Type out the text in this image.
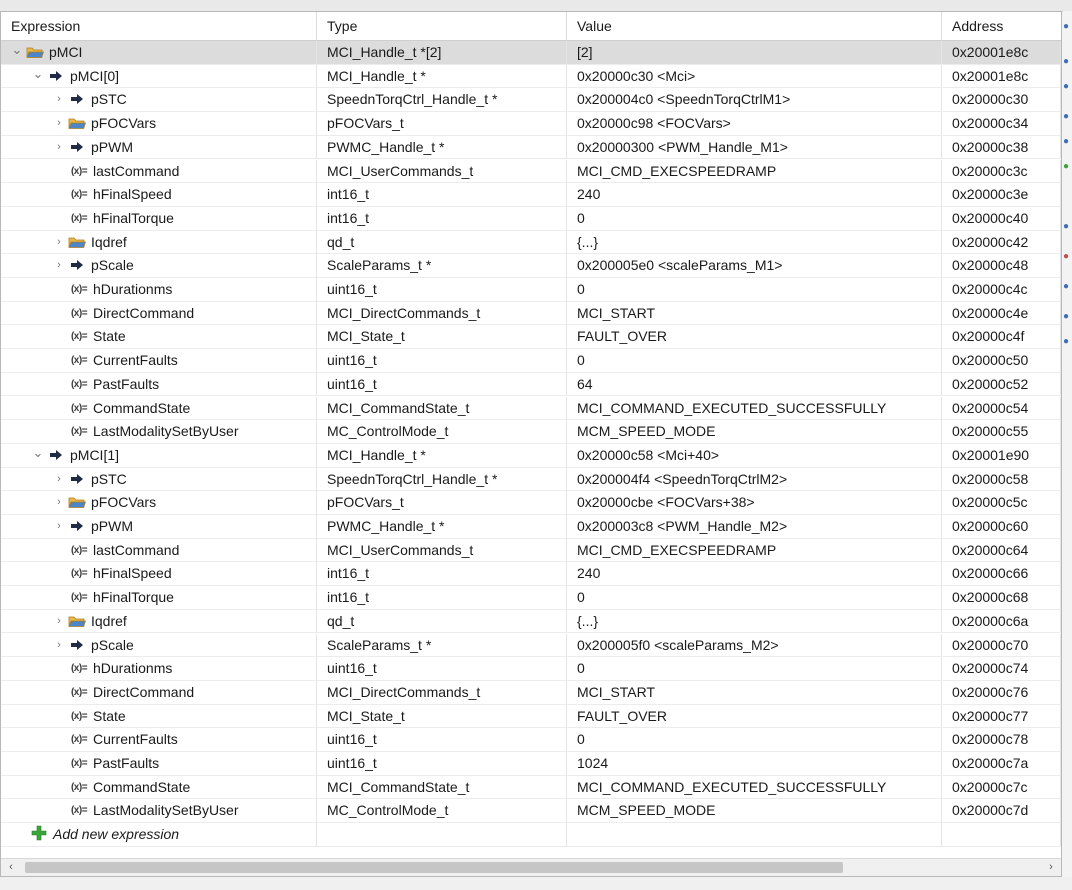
Expression	Type	Value	Address
⌄ pMCI	MCI_Handle_t *[2]	[2]	0x20001e8c
⌄ pMCI[0]	MCI_Handle_t *	0x20000c30 <Mci>	0x20001e8c
› pSTC	SpeednTorqCtrl_Handle_t *	0x200004c0 <SpeednTorqCtrlM1>	0x20000c30
› pFOCVars	pFOCVars_t	0x20000c98 <FOCVars>	0x20000c34
› pPWM	PWMC_Handle_t *	0x20000300 <PWM_Handle_M1>	0x20000c38
(x)= lastCommand	MCI_UserCommands_t	MCI_CMD_EXECSPEEDRAMP	0x20000c3c
(x)= hFinalSpeed	int16_t	240	0x20000c3e
(x)= hFinalTorque	int16_t	0	0x20000c40
› Iqdref	qd_t	{...}	0x20000c42
› pScale	ScaleParams_t *	0x200005e0 <scaleParams_M1>	0x20000c48
(x)= hDurationms	uint16_t	0	0x20000c4c
(x)= DirectCommand	MCI_DirectCommands_t	MCI_START	0x20000c4e
(x)= State	MCI_State_t	FAULT_OVER	0x20000c4f
(x)= CurrentFaults	uint16_t	0	0x20000c50
(x)= PastFaults	uint16_t	64	0x20000c52
(x)= CommandState	MCI_CommandState_t	MCI_COMMAND_EXECUTED_SUCCESSFULLY	0x20000c54
(x)= LastModalitySetByUser	MC_ControlMode_t	MCM_SPEED_MODE	0x20000c55
⌄ pMCI[1]	MCI_Handle_t *	0x20000c58 <Mci+40>	0x20001e90
› pSTC	SpeednTorqCtrl_Handle_t *	0x200004f4 <SpeednTorqCtrlM2>	0x20000c58
› pFOCVars	pFOCVars_t	0x20000cbe <FOCVars+38>	0x20000c5c
› pPWM	PWMC_Handle_t *	0x200003c8 <PWM_Handle_M2>	0x20000c60
(x)= lastCommand	MCI_UserCommands_t	MCI_CMD_EXECSPEEDRAMP	0x20000c64
(x)= hFinalSpeed	int16_t	240	0x20000c66
(x)= hFinalTorque	int16_t	0	0x20000c68
› Iqdref	qd_t	{...}	0x20000c6a
› pScale	ScaleParams_t *	0x200005f0 <scaleParams_M2>	0x20000c70
(x)= hDurationms	uint16_t	0	0x20000c74
(x)= DirectCommand	MCI_DirectCommands_t	MCI_START	0x20000c76
(x)= State	MCI_State_t	FAULT_OVER	0x20000c77
(x)= CurrentFaults	uint16_t	0	0x20000c78
(x)= PastFaults	uint16_t	1024	0x20000c7a
(x)= CommandState	MCI_CommandState_t	MCI_COMMAND_EXECUTED_SUCCESSFULLY	0x20000c7c
(x)= LastModalitySetByUser	MC_ControlMode_t	MCM_SPEED_MODE	0x20000c7d
Add new expression
‹	›
●
●
●
●
●
●
●
●
●
●
●
